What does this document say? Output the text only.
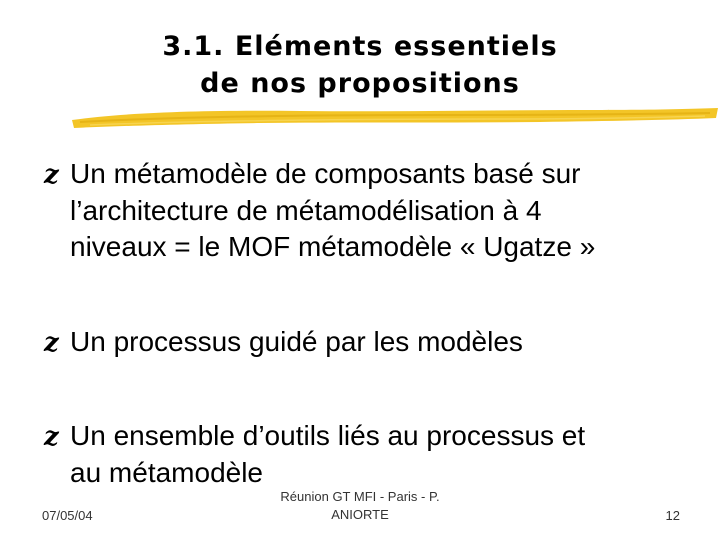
3.1. Eléments essentiels
de nos propositions
z Un métamodèle de composants basé sur
l’architecture de métamodélisation à 4
niveaux = le MOF métamodèle « Ugatze »
z Un processus guidé par les modèles
z Un ensemble d’outils liés au processus et
au métamodèle
07/05/04
Réunion GT MFI - Paris - P.
ANIORTE	12
